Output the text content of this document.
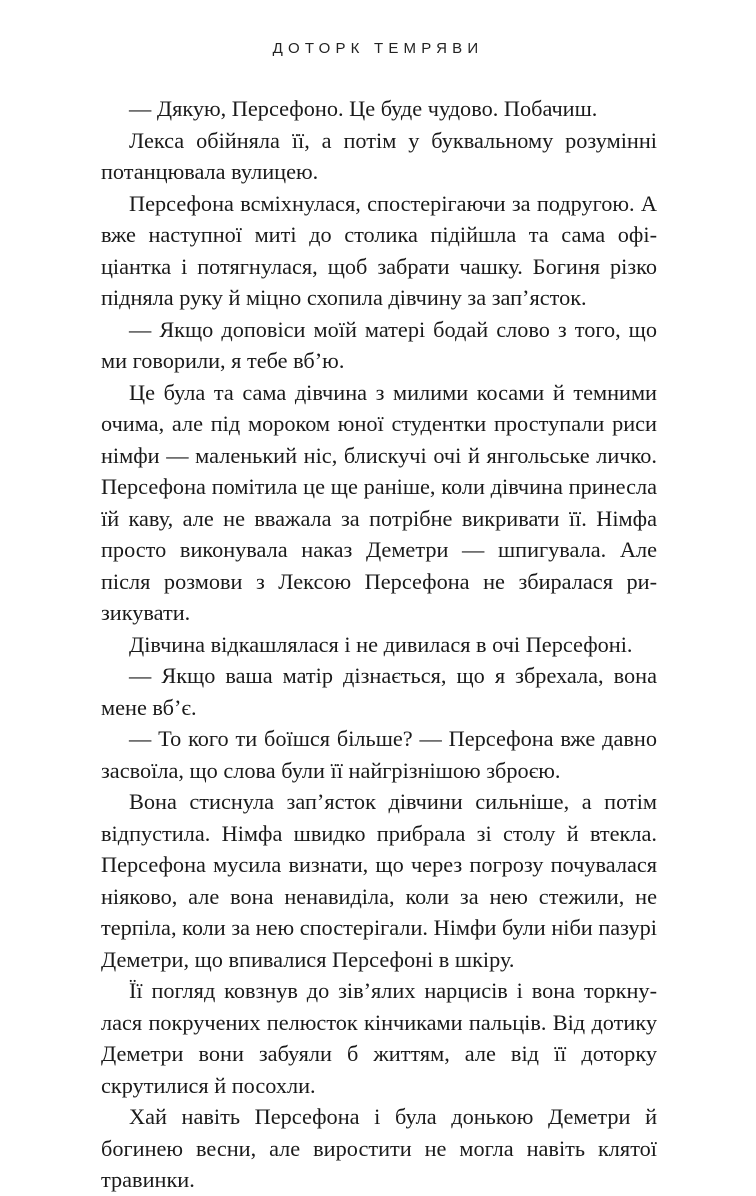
ДОТОРК ТЕМРЯВИ

— Дякую, Персефоно. Це буде чудово. Побачиш.

Лекса обійняла її, а потім у буквальному розумінні потанцювала вулицею.

Персефона всміхнулася, спостерігаючи за подругою. А вже наступної миті до столика підійшла та сама офіціантка і потягнулася, щоб забрати чашку. Богиня різко підняла руку й міцно схопила дівчину за зап’ясток.

— Якщо доповіси моїй матері бодай слово з того, що ми говорили, я тебе вб’ю.

Це була та сама дівчина з милими косами й темними очима, але під мороком юної студентки проступали риси німфи — маленький ніс, блискучі очі й янгольське личко. Персефона помітила це ще раніше, коли дівчина принесла їй каву, але не вважала за потрібне викривати її. Німфа просто виконувала наказ Деметри — шпигувала. Але після розмови з Лексою Персефона не збиралася ризикувати.

Дівчина відкашлялася і не дивилася в очі Персефоні.

— Якщо ваша матір дізнається, що я збрехала, вона мене вб’є.

— То кого ти боїшся більше? — Персефона вже давно засвоїла, що слова були її найгрізнішою зброєю.

Вона стиснула зап’ясток дівчини сильніше, а потім відпустила. Німфа швидко прибрала зі столу й втекла. Персефона мусила визнати, що через погрозу почувалася ніяково, але вона ненавиділа, коли за нею стежили, не терпіла, коли за нею спостерігали. Німфи були ніби пазурі Деметри, що впивалися Персефоні в шкіру.

Її погляд ковзнув до зів’ялих нарцисів і вона торкнулася покручених пелюсток кінчиками пальців. Від дотику Деметри вони забуяли б життям, але від її доторку скрутилися й посохли.

Хай навіть Персефона і була донькою Деметри й богинею весни, але виростити не могла навіть клятої травинки.
